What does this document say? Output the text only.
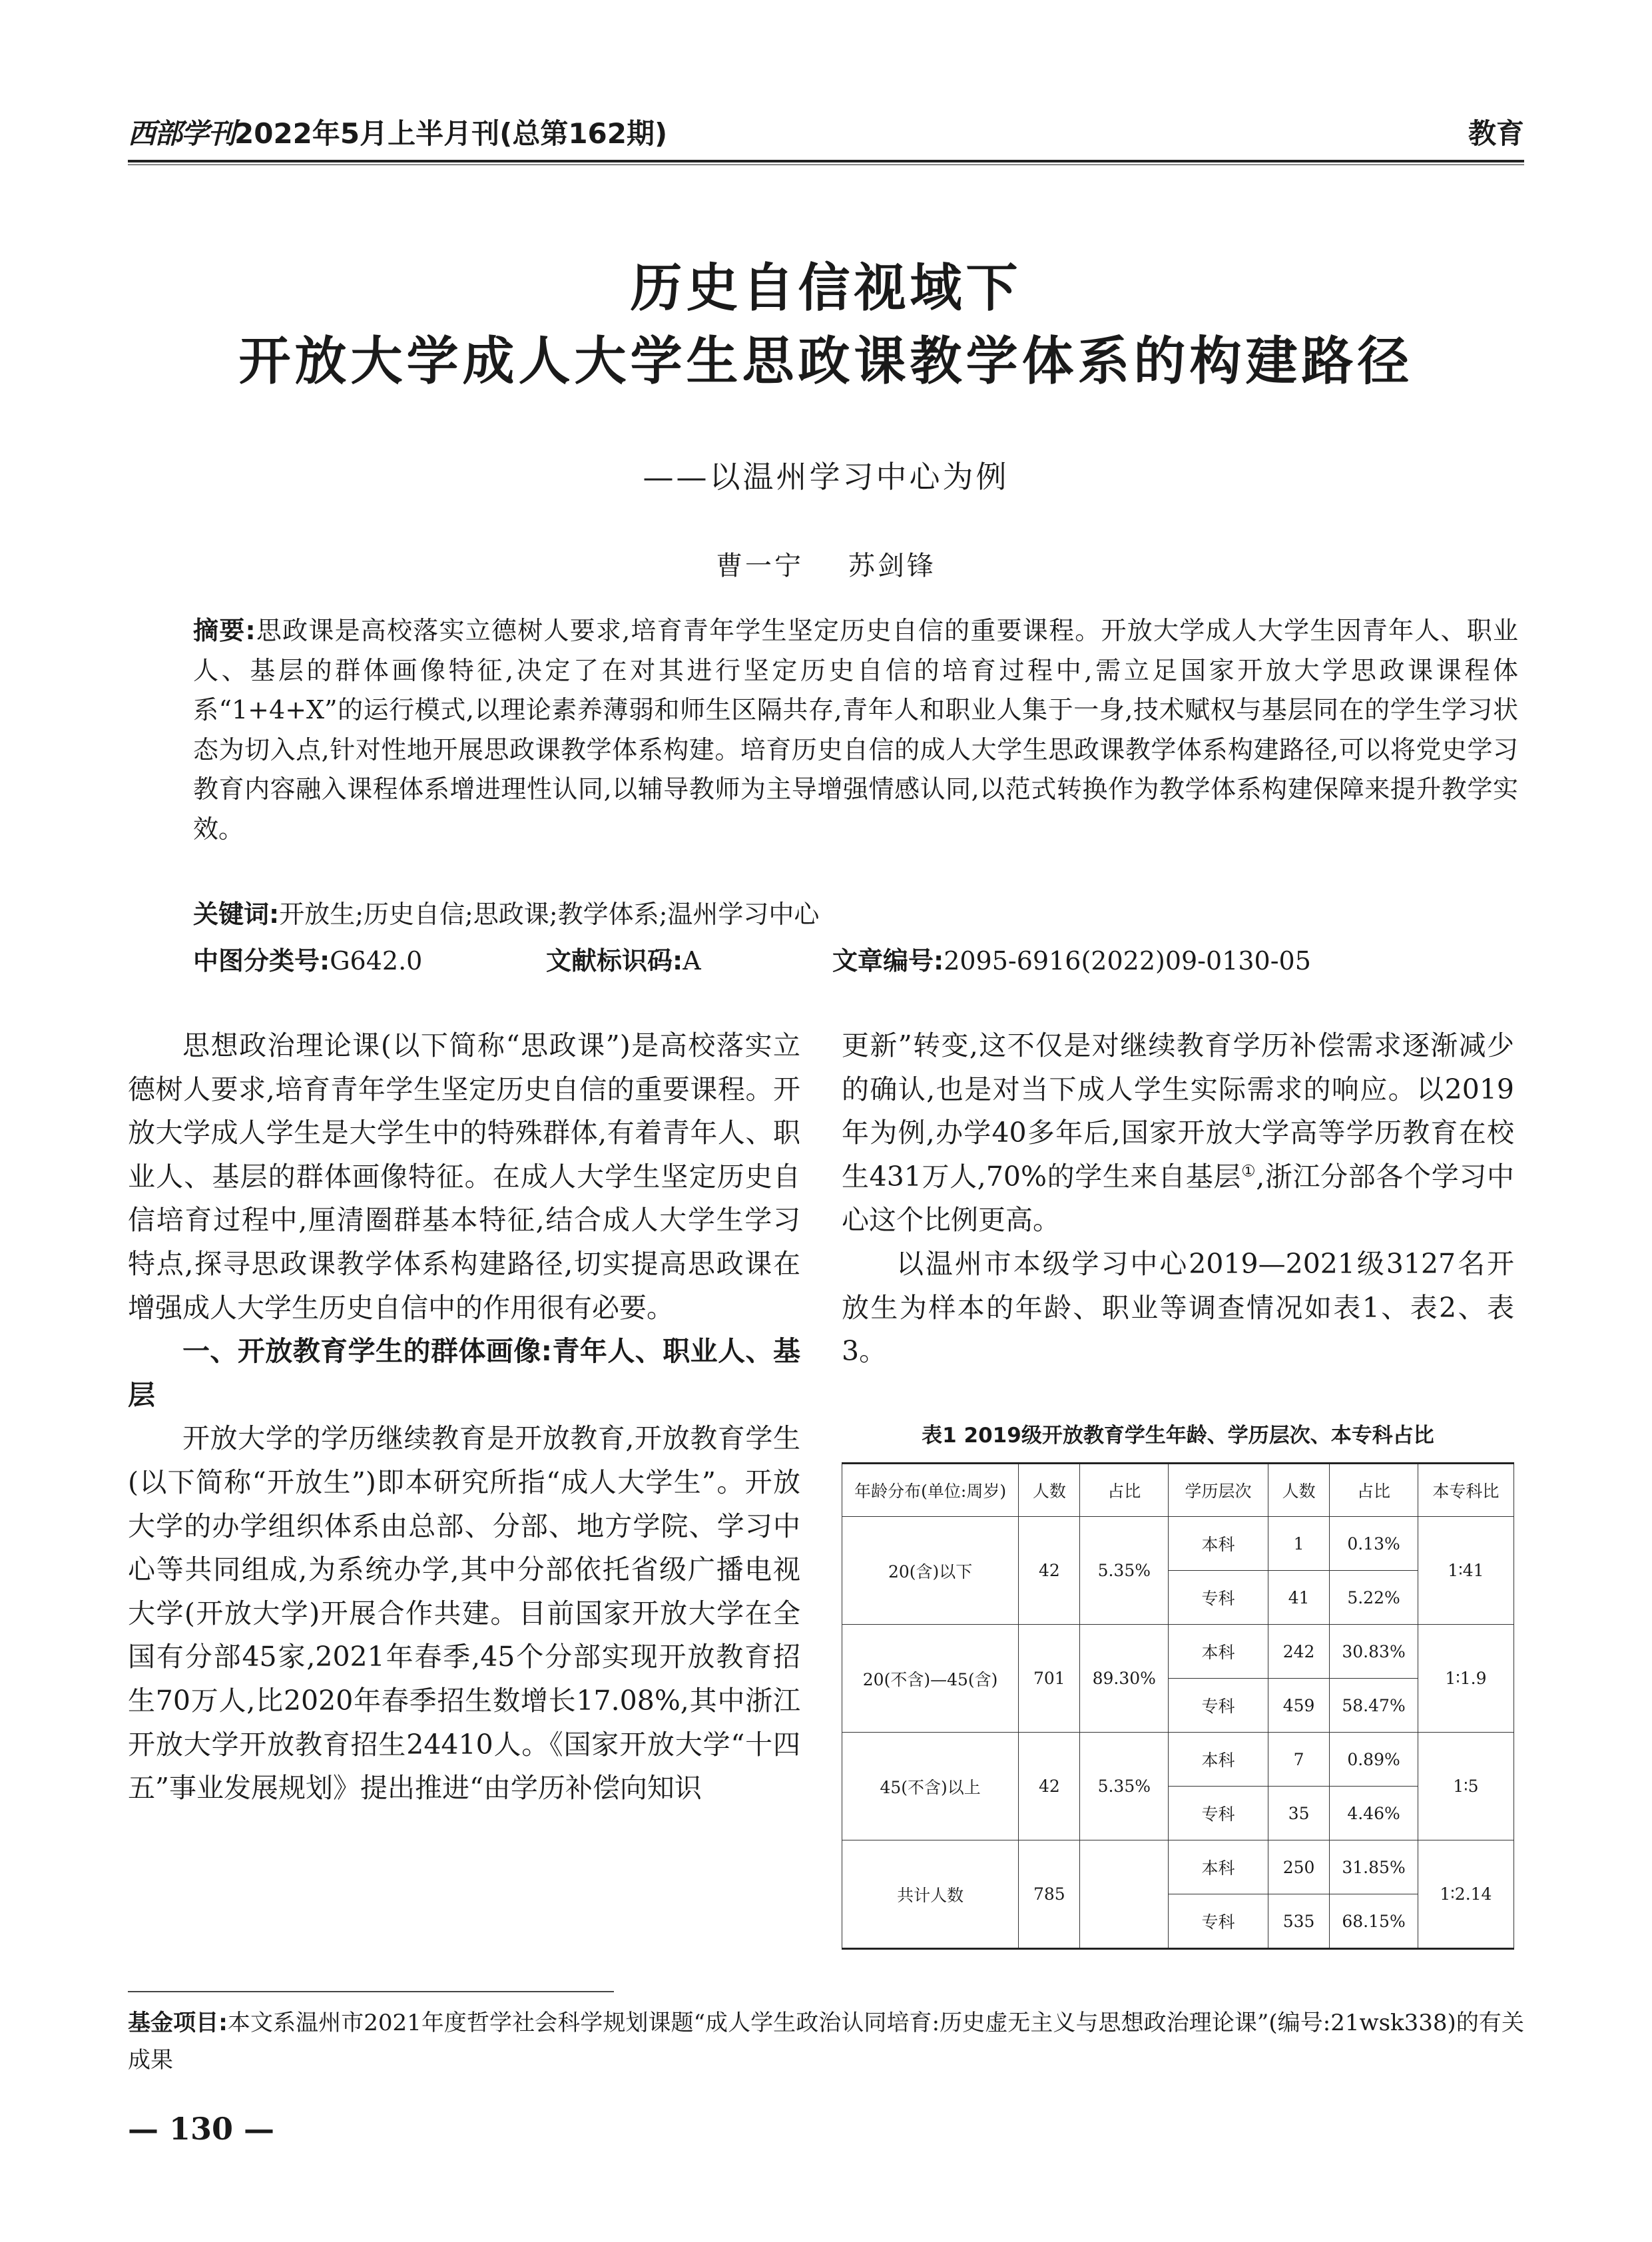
西部学刊2022年5月上半月刊(总第162期)	教育
历史自信视域下
开放大学成人大学生思政课教学体系的构建路径
——以温州学习中心为例
曹一宁    苏剑锋
摘要:思政课是高校落实立德树人要求,培育青年学生坚定历史自信的重要课程。开放大学成人大学生因青年人、职业人、基层的群体画像特征,决定了在对其进行坚定历史自信的培育过程中,需立足国家开放大学思政课课程体系“1+4+X”的运行模式,以理论素养薄弱和师生区隔共存,青年人和职业人集于一身,技术赋权与基层同在的学生学习状态为切入点,针对性地开展思政课教学体系构建。培育历史自信的成人大学生思政课教学体系构建路径,可以将党史学习教育内容融入课程体系增进理性认同,以辅导教师为主导增强情感认同,以范式转换作为教学体系构建保障来提升教学实效。
关键词:开放生;历史自信;思政课;教学体系;温州学习中心
中图分类号:G642.0	文献标识码:A	文章编号:2095-6916(2022)09-0130-05

思想政治理论课(以下简称“思政课”)是高校落实立德树人要求,培育青年学生坚定历史自信的重要课程。开放大学成人学生是大学生中的特殊群体,有着青年人、职业人、基层的群体画像特征。在成人大学生坚定历史自信培育过程中,厘清圈群基本特征,结合成人大学生学习特点,探寻思政课教学体系构建路径,切实提高思政课在增强成人大学生历史自信中的作用很有必要。

一、开放教育学生的群体画像:青年人、职业人、基层

开放大学的学历继续教育是开放教育,开放教育学生(以下简称“开放生”)即本研究所指“成人大学生”。开放大学的办学组织体系由总部、分部、地方学院、学习中心等共同组成,为系统办学,其中分部依托省级广播电视大学(开放大学)开展合作共建。目前国家开放大学在全国有分部45家,2021年春季,45个分部实现开放教育招生70万人,比2020年春季招生数增长17.08%,其中浙江开放大学开放教育招生24410人。《国家开放大学“十四五”事业发展规划》提出推进“由学历补偿向知识

更新”转变,这不仅是对继续教育学历补偿需求逐渐减少的确认,也是对当下成人学生实际需求的响应。以2019年为例,办学40多年后,国家开放大学高等学历教育在校生431万人,70%的学生来自基层①,浙江分部各个学习中心这个比例更高。

以温州市本级学习中心2019—2021级3127名开放生为样本的年龄、职业等调查情况如表1、表2、表3。

表1 2019级开放教育学生年龄、学历层次、本专科占比
年龄分布(单位:周岁)	人数	占比	学历层次	人数	占比	本专科比
20(含)以下	42	5.35%	本科	1	0.13%	1∶41
			专科	41	5.22%	
20(不含)—45(含)	701	89.30%	本科	242	30.83%	1∶1.9
			专科	459	58.47%	
45(不含)以上	42	5.35%	本科	7	0.89%	1∶5
			专科	35	4.46%	
共计人数	785		本科	250	31.85%	1∶2.14
			专科	535	68.15%	
基金项目:本文系温州市2021年度哲学社会科学规划课题“成人学生政治认同培育:历史虚无主义与思想政治理论课”(编号:21wsk338)的有关成果
— 130 —
